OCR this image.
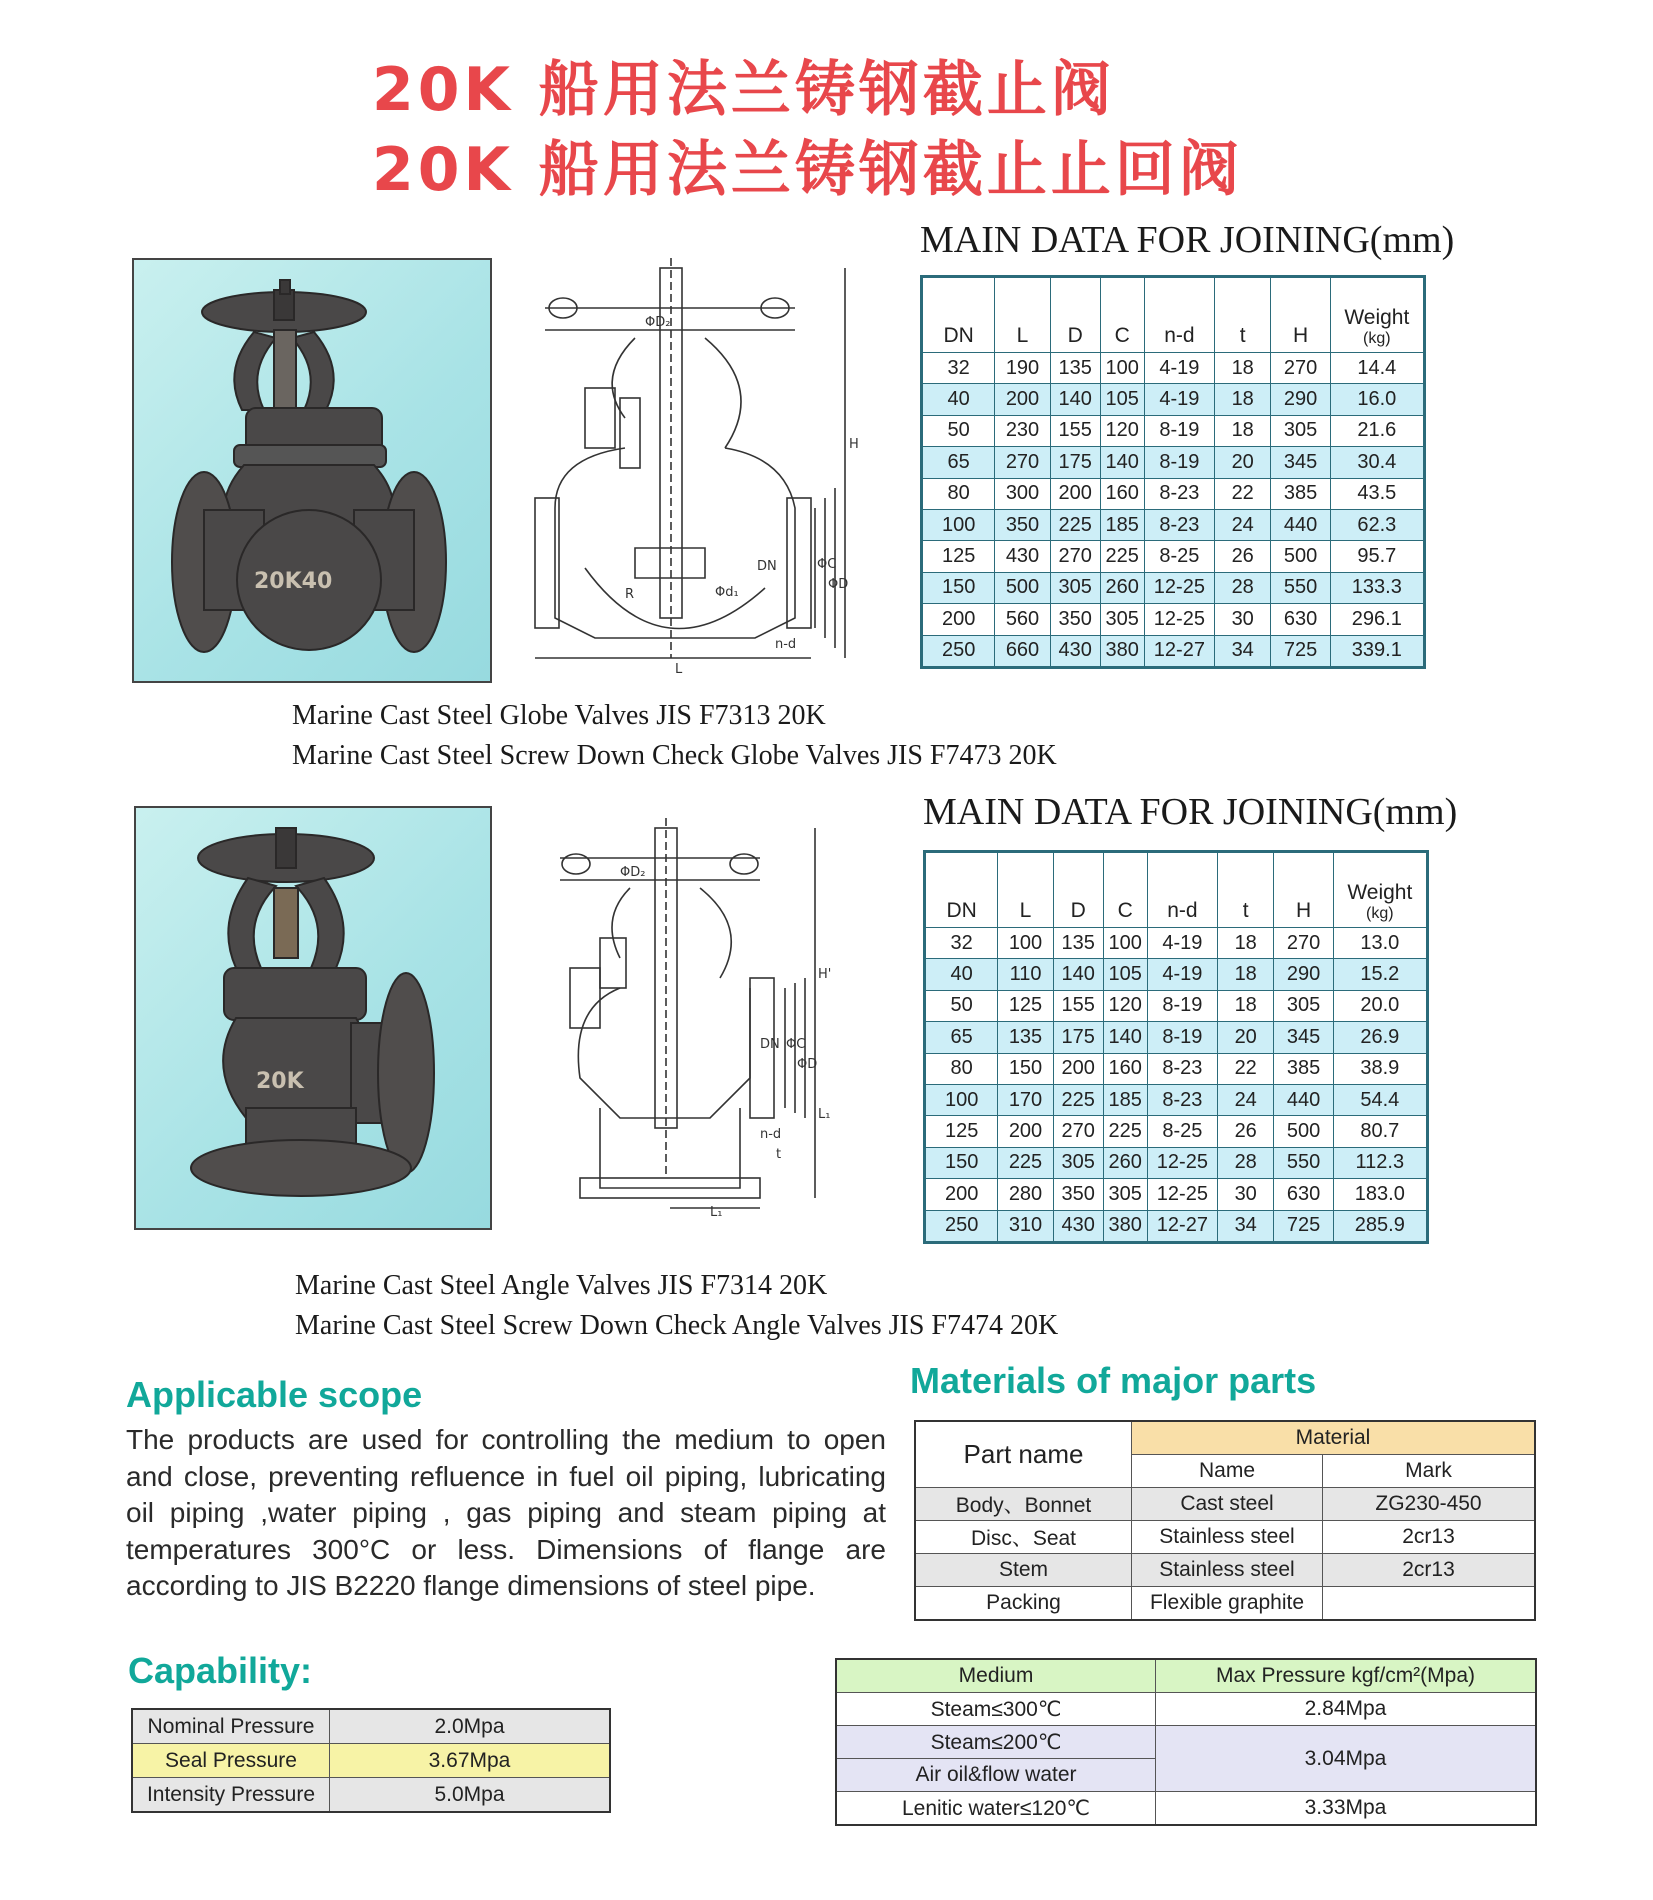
20K 船用法兰铸钢截止阀
20K 船用法兰铸钢截止止回阀
20K40
ΦD₂
H
DN	ΦC
ΦD
R	Φd₁
n-d
L
MAIN DATA FOR JOINING(mm)
DN	L	D	C	n-d	t	H	Weight
(kg)

32	190	135	100	4-19	18	270	14.4
40	200	140	105	4-19	18	290	16.0
50	230	155	120	8-19	18	305	21.6
65	270	175	140	8-19	20	345	30.4
80	300	200	160	8-23	22	385	43.5
100	350	225	185	8-23	24	440	62.3
125	430	270	225	8-25	26	500	95.7
150	500	305	260	12-25	28	550	133.3
200	560	350	305	12-25	30	630	296.1
250	660	430	380	12-27	34	725	339.1
Marine Cast Steel Globe Valves JIS F7313 20K
Marine Cast Steel Screw Down Check Globe Valves JIS F7473 20K
20K
ΦD₂
H'
DN ΦC
ΦD
n-d
L₁
t
L₁
MAIN DATA FOR JOINING(mm)
DN	L	D	C	n-d	t	H	Weight
(kg)

32	100	135	100	4-19	18	270	13.0
40	110	140	105	4-19	18	290	15.2
50	125	155	120	8-19	18	305	20.0
65	135	175	140	8-19	20	345	26.9
80	150	200	160	8-23	22	385	38.9
100	170	225	185	8-23	24	440	54.4
125	200	270	225	8-25	26	500	80.7
150	225	305	260	12-25	28	550	112.3
200	280	350	305	12-25	30	630	183.0
250	310	430	380	12-27	34	725	285.9
Marine Cast Steel Angle Valves JIS F7314 20K
Marine Cast Steel Screw Down Check Angle Valves JIS F7474 20K
Applicable scope
The products are used for controlling the medium to open and close, preventing refluence in fuel oil piping, lubricating oil piping ,water piping , gas piping and steam piping at temperatures 300°C or less. Dimensions of flange are according to JIS B2220 flange dimensions of steel pipe.
Materials of major parts
Part name	Material	
	Name	Mark
Body、Bonnet	Cast steel	ZG230-450
Disc、Seat	Stainless steel	2cr13
Stem	Stainless steel	2cr13
Packing	Flexible graphite	
Capability:
Nominal Pressure	2.0Mpa
Seal Pressure	3.67Mpa
Intensity Pressure	5.0Mpa
Medium	Max Pressure kgf/cm²(Mpa)
Steam≤300℃	2.84Mpa
Steam≤200℃	3.04Mpa
Air oil&flow water	
Lenitic water≤120℃	3.33Mpa
